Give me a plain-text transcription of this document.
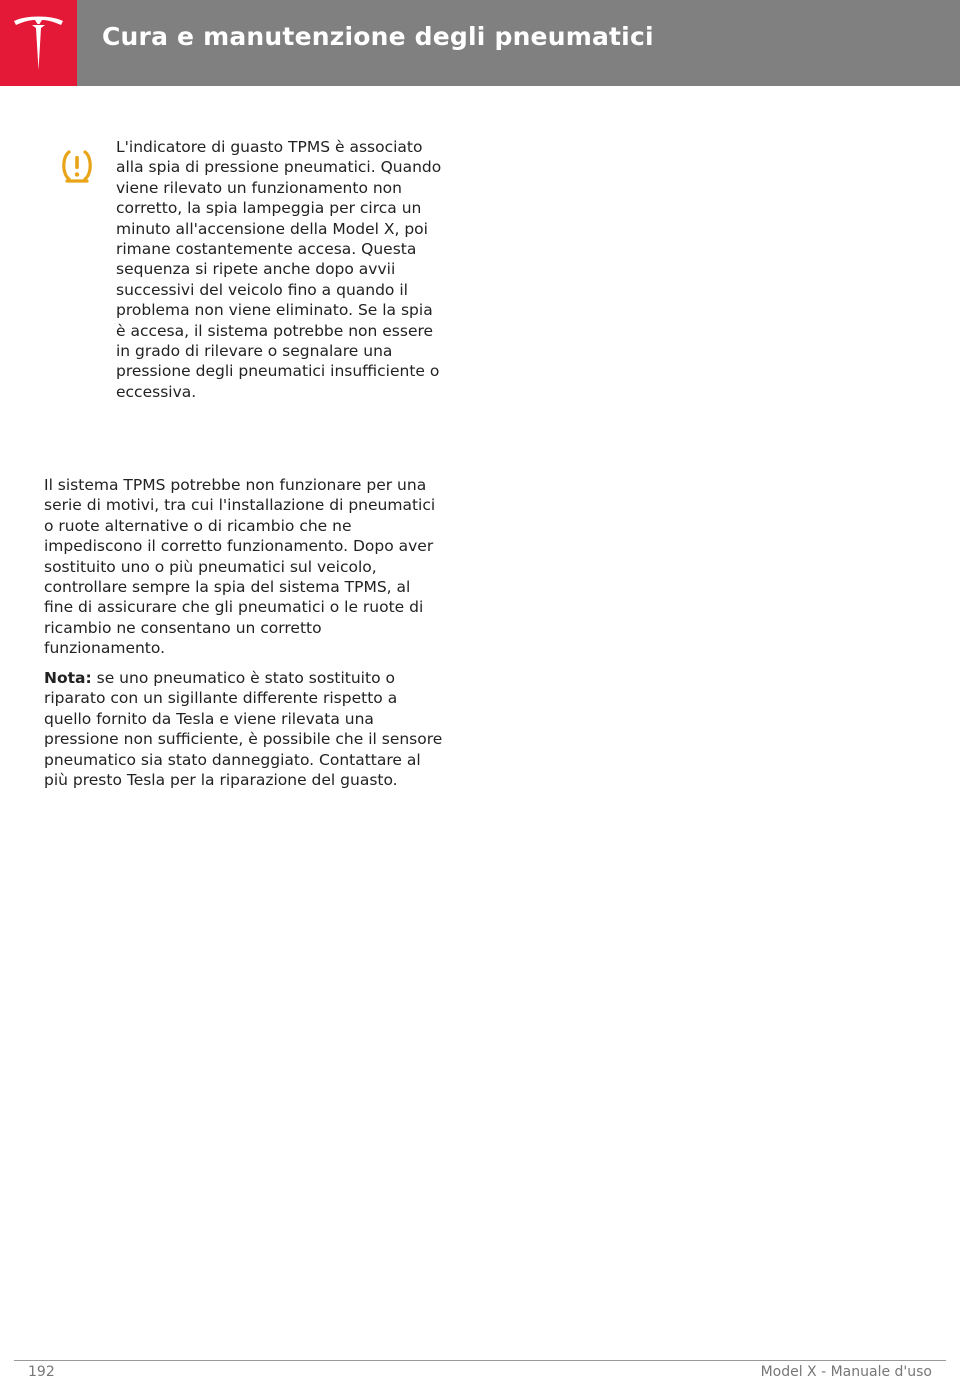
Cura e manutenzione degli pneumatici

L'indicatore di guasto TPMS è associato alla spia di pressione pneumatici. Quando viene rilevato un funzionamento non corretto, la spia lampeggia per circa un minuto all'accensione della Model X, poi rimane costantemente accesa. Questa sequenza si ripete anche dopo avvii successivi del veicolo fino a quando il problema non viene eliminato. Se la spia è accesa, il sistema potrebbe non essere in grado di rilevare o segnalare una pressione degli pneumatici insufficiente o eccessiva.

Il sistema TPMS potrebbe non funzionare per una serie di motivi, tra cui l'installazione di pneumatici o ruote alternative o di ricambio che ne impediscono il corretto funzionamento. Dopo aver sostituito uno o più pneumatici sul veicolo, controllare sempre la spia del sistema TPMS, al fine di assicurare che gli pneumatici o le ruote di ricambio ne consentano un corretto funzionamento.

Nota: se uno pneumatico è stato sostituito o riparato con un sigillante differente rispetto a quello fornito da Tesla e viene rilevata una pressione non sufficiente, è possibile che il sensore pneumatico sia stato danneggiato. Contattare al più presto Tesla per la riparazione del guasto.

192	Model X - Manuale d'uso
